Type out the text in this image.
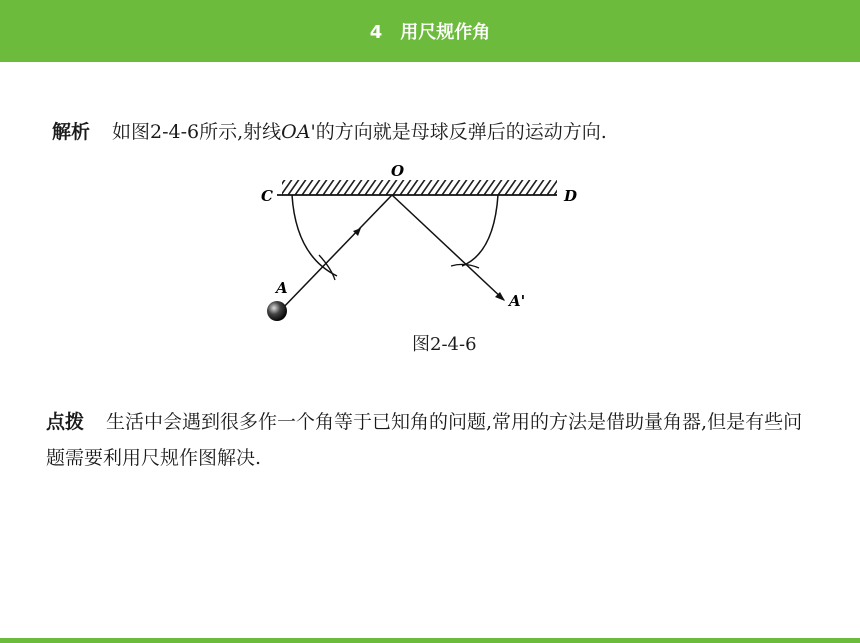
4　用尺规作角
解析 如图2-4-6所示,射线OA'的方向就是母球反弹后的运动方向.
O
C	D
A
A'
图2-4-6
点拨 生活中会遇到很多作一个角等于已知角的问题,常用的方法是借助量角器,但是有些问题需要利用尺规作图解决.
